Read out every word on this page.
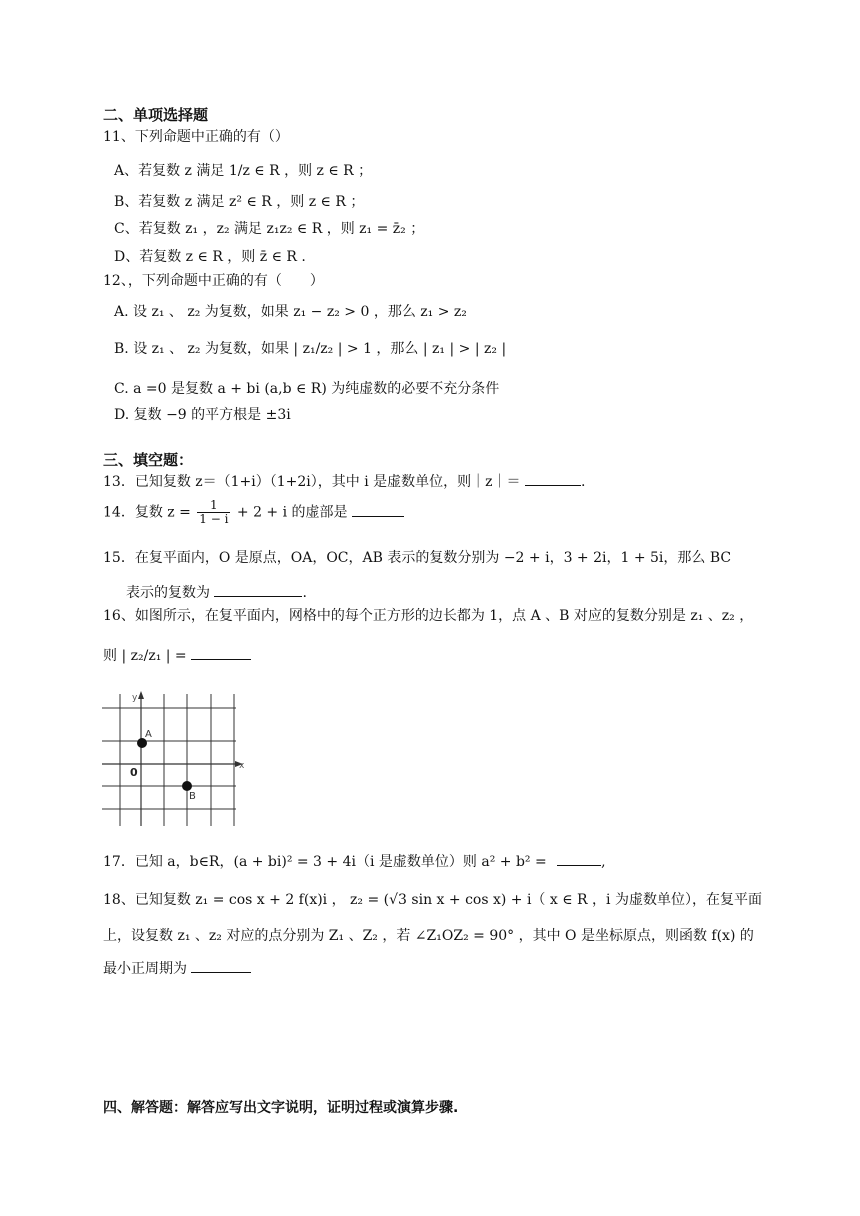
二、单项选择题
11、下列命题中正确的有（）
A、若复数 z 满足 1/z ∈ R ，则 z ∈ R ；
B、若复数 z 满足 z² ∈ R ，则 z ∈ R ；
C、若复数 z₁ ，z₂ 满足 z₁z₂ ∈ R ，则 z₁ = z̄₂ ；
D、若复数 z ∈ R ，则 z̄ ∈ R .
12、，下列命题中正确的有（　　）
A. 设 z₁ 、 z₂ 为复数，如果 z₁ − z₂ > 0 ，那么 z₁ > z₂
B. 设 z₁ 、 z₂ 为复数，如果 | z₁/z₂ | > 1 ，那么 | z₁ | > | z₂ |
C. a =0 是复数 a + bi (a,b ∈ R) 为纯虚数的必要不充分条件
D. 复数 −9 的平方根是 ±3i
三、填空题：
13．已知复数 z＝（1+i）（1+2i），其中 i 是虚数单位，则｜z｜＝	.
14．复数 $z = \frac{1}{1 - i} + 2 + i$ 的虚部是
15．在复平面内，O 是原点，OA，OC，AB 表示的复数分别为 −2 + i，3 + 2i，1 + 5i，那么 BC
表示的复数为	.
16、如图所示，在复平面内，网格中的每个正方形的边长都为 1，点 A 、B 对应的复数分别是 z₁ 、z₂ ，
则 | z₂/z₁ | =
y
x
0
A
B
17．已知 a，b∈R，(a + bi)² = 3 + 4i（i 是虚数单位）则 a² + b² =	,
18、已知复数 z₁ = cos x + 2 f(x)i ， z₂ = (√3 sin x + cos x) + i（ x ∈ R ，i 为虚数单位），在复平面
上，设复数 z₁ 、z₂ 对应的点分别为 Z₁ 、Z₂ ，若 ∠Z₁OZ₂ = 90° ，其中 O 是坐标原点，则函数 f(x) 的
最小正周期为
四、解答题：解答应写出文字说明，证明过程或演算步骤.
